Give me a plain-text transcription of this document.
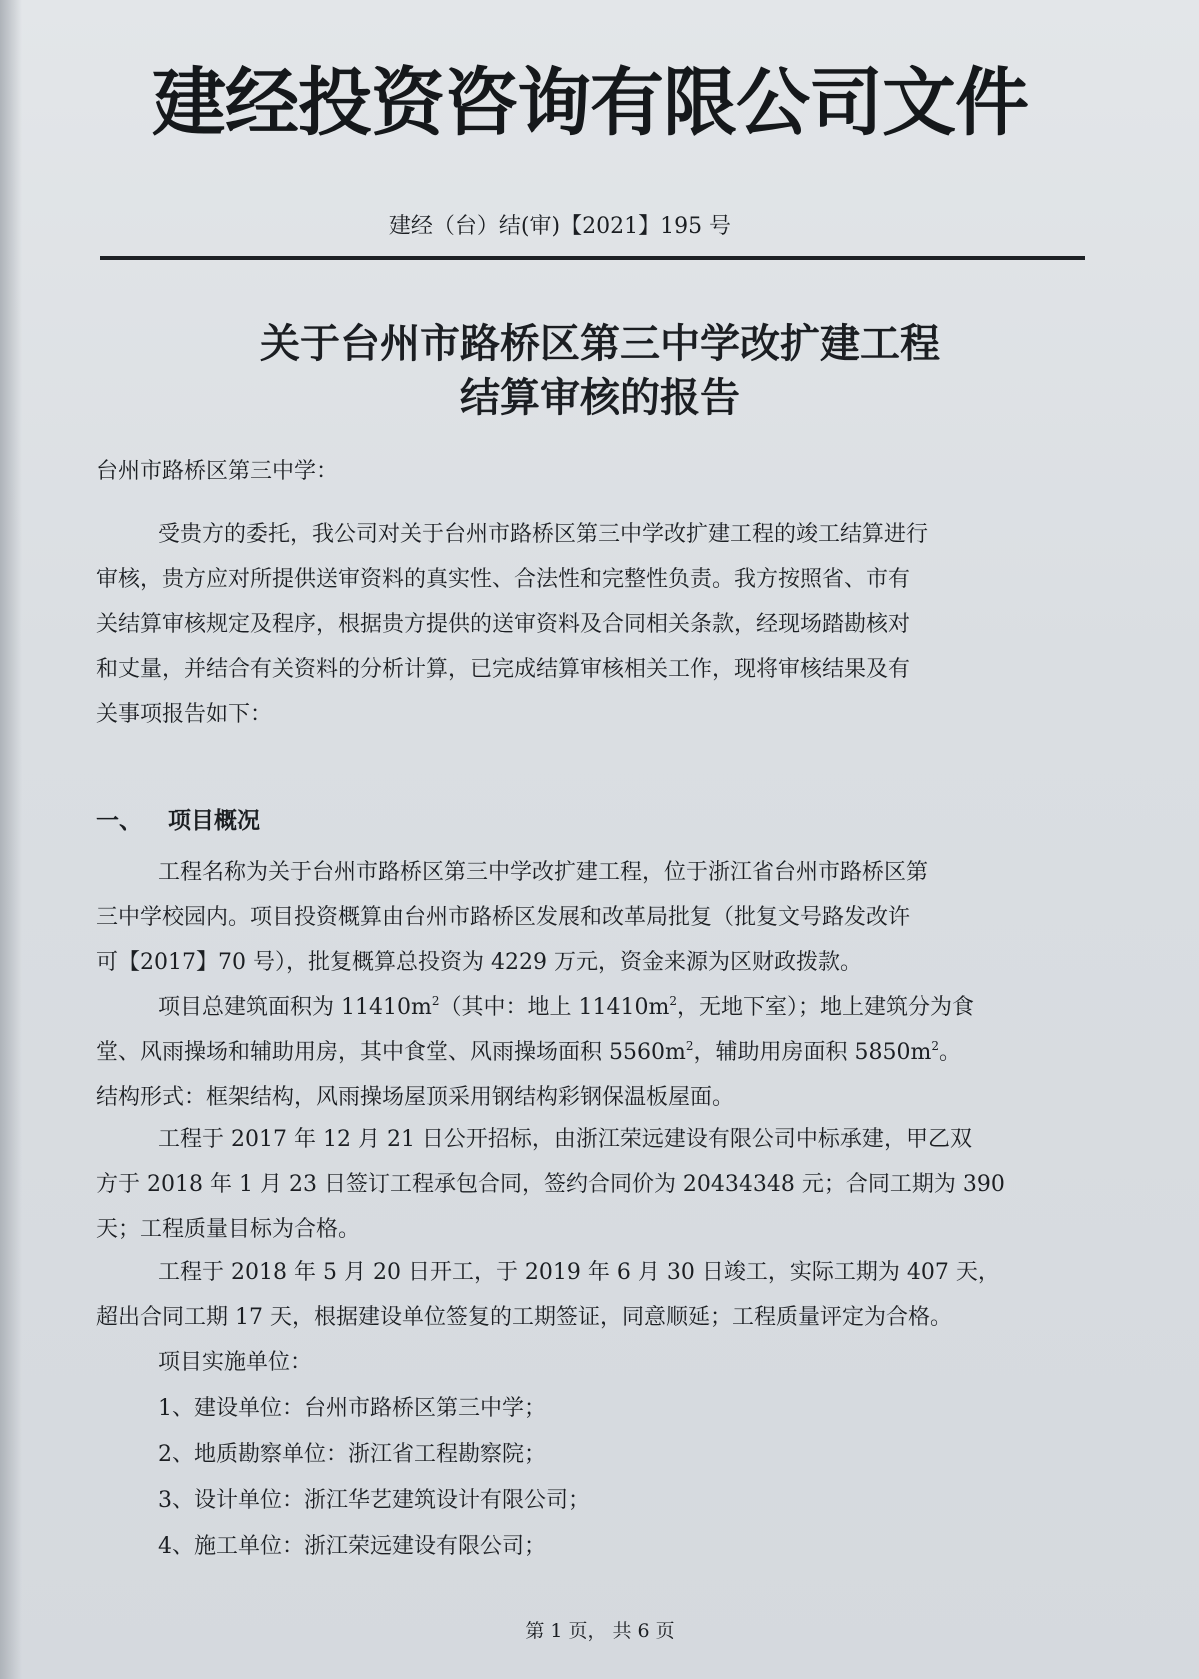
建经投资咨询有限公司文件
建经（台）结(审)【2021】195 号
关于台州市路桥区第三中学改扩建工程
结算审核的报告
台州市路桥区第三中学：
受贵方的委托，我公司对关于台州市路桥区第三中学改扩建工程的竣工结算进行
审核，贵方应对所提供送审资料的真实性、合法性和完整性负责。我方按照省、市有
关结算审核规定及程序，根据贵方提供的送审资料及合同相关条款，经现场踏勘核对
和丈量，并结合有关资料的分析计算，已完成结算审核相关工作，现将审核结果及有
关事项报告如下：
一、 项目概况
工程名称为关于台州市路桥区第三中学改扩建工程，位于浙江省台州市路桥区第
三中学校园内。项目投资概算由台州市路桥区发展和改革局批复（批复文号路发改许
可【2017】70 号），批复概算总投资为 4229 万元，资金来源为区财政拨款。
项目总建筑面积为 $11410m^2$（其中：地上 $11410m^2$，无地下室）；地上建筑分为食
堂、风雨操场和辅助用房，其中食堂、风雨操场面积 $5560m^2$，辅助用房面积 $5850m^2$。
结构形式：框架结构，风雨操场屋顶采用钢结构彩钢保温板屋面。
工程于 2017 年 12 月 21 日公开招标，由浙江荣远建设有限公司中标承建，甲乙双
方于 2018 年 1 月 23 日签订工程承包合同，签约合同价为 20434348 元；合同工期为 390
天；工程质量目标为合格。
工程于 2018 年 5 月 20 日开工，于 2019 年 6 月 30 日竣工，实际工期为 407 天，
超出合同工期 17 天，根据建设单位签复的工期签证，同意顺延；工程质量评定为合格。
项目实施单位：
1、建设单位：台州市路桥区第三中学；
2、地质勘察单位：浙江省工程勘察院；
3、设计单位：浙江华艺建筑设计有限公司；
4、施工单位：浙江荣远建设有限公司；
第 1 页， 共 6 页
